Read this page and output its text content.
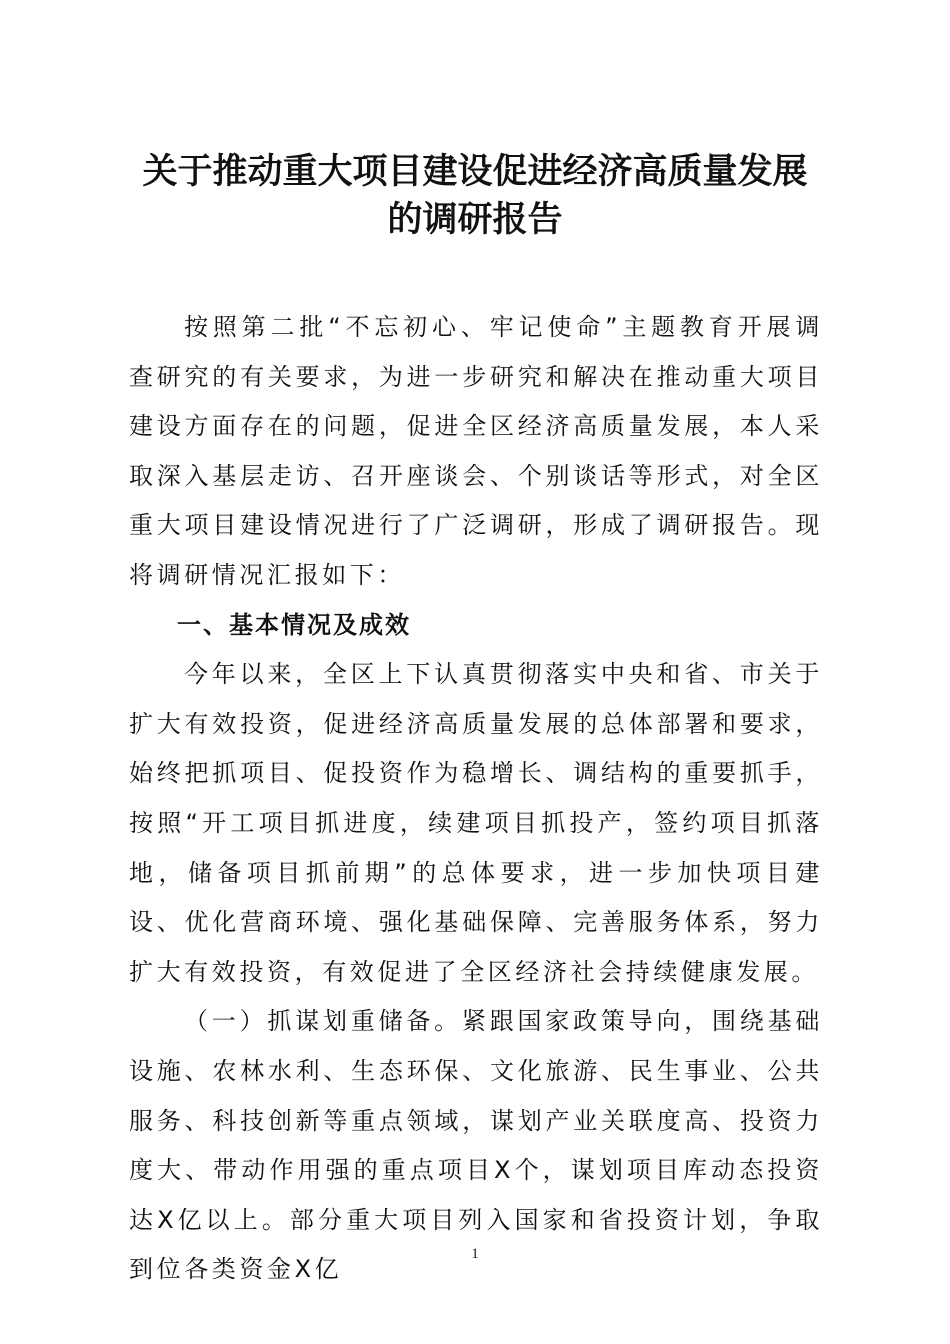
关于推动重大项目建设促进经济高质量发展
的调研报告

按照第二批“不忘初心、牢记使命”主题教育开展调查研究的有关要求，为进一步研究和解决在推动重大项目建设方面存在的问题，促进全区经济高质量发展，本人采取深入基层走访、召开座谈会、个别谈话等形式，对全区重大项目建设情况进行了广泛调研，形成了调研报告。现将调研情况汇报如下：

一、基本情况及成效

今年以来，全区上下认真贯彻落实中央和省、市关于扩大有效投资，促进经济高质量发展的总体部署和要求，始终把抓项目、促投资作为稳增长、调结构的重要抓手，按照“开工项目抓进度，续建项目抓投产，签约项目抓落地，储备项目抓前期”的总体要求，进一步加快项目建设、优化营商环境、强化基础保障、完善服务体系，努力扩大有效投资，有效促进了全区经济社会持续健康发展。

（一）抓谋划重储备。紧跟国家政策导向，围绕基础设施、农林水利、生态环保、文化旅游、民生事业、公共服务、科技创新等重点领域，谋划产业关联度高、投资力度大、带动作用强的重点项目X个，谋划项目库动态投资达X亿以上。部分重大项目列入国家和省投资计划，争取到位各类资金X亿

1
